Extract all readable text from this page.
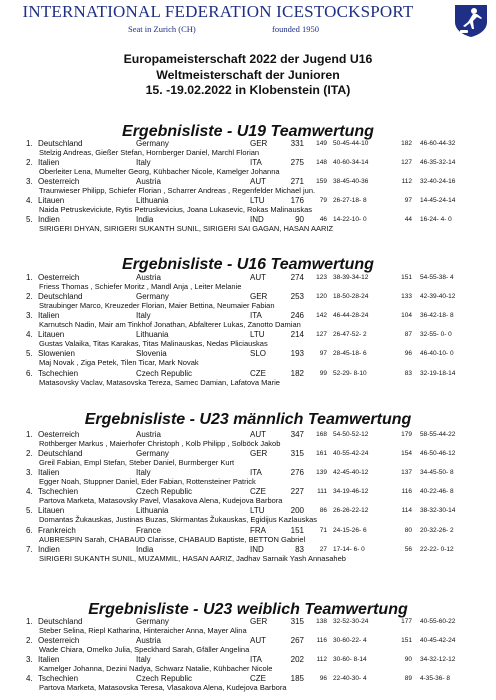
INTERNATIONAL FEDERATION ICESTOCKSPORT
Seat in Zurich (CH)	founded 1950
Europameisterschaft 2022 der Jugend U16
Weltmeisterschaft der Junioren
15. -19.02.2022 in Klobenstein (ITA)
Ergebnisliste - U19 Teamwertung
1. Deutschland	Germany	GER	331	149 50-45-44-10	182 46-60-44-32
Stelzig Andreas, Gießer Stefan, Hornberger Daniel, Marchl Florian
2. Italien	Italy	ITA	275	148 40-60-34-14	127 46-35-32-14
Oberleiter Lena, Mumelter Georg, Kühbacher Nicole, Kamelger Johanna
3. Oesterreich	Austria	AUT	271	159 38-45-40-36	112 32-40-24-16
Traunwieser Philipp, Schiefer Florian , Scharrer Andreas , Regenfelder Michael jun.
4. Litauen	Lithuania	LTU	176	79 26-27-18- 8	97 14-45-24-14
Naida Petruskeviciute, Rytis Petruskevicius, Joana Lukasevic, Rokas Malinauskas
5. Indien	India	IND	90	46 14-22-10- 0	44 16-24- 4- 0
SIRIGERI DHYAN, SIRIGERI SUKANTH SUNIL, SIRIGERI SAI GAGAN, HASAN AARIZ
Ergebnisliste - U16 Teamwertung
1. Oesterreich	Austria	AUT	274	123 38-39-34-12	151 54-55-38- 4
Friess Thomas , Schiefer Moritz , Mandl Anja , Leiter Melanie
2. Deutschland	Germany	GER	253	120 18-50-28-24	133 42-39-40-12
Straubinger Marco, Kreuzeder Florian, Maier Bettina, Neumaier Fabian
3. Italien	Italy	ITA	246	142 46-44-28-24	104 36-42-18- 8
Karnutsch Nadin, Mair am Tinkhof Jonathan, Abfalterer Lukas, Zanotto Damian
4. Litauen	Lithuania	LTU	214	127 26-47-52- 2	87 32-55- 0- 0
Gustas Valaika, Titas Karakas, Titas Malinauskas, Nedas Pliciauskas
5. Slowenien	Slovenia	SLO	193	97 28-45-18- 6	96 46-40-10- 0
Maj Novak , Ziga Petek, Tilen Ticar, Mark Novak
6. Tschechien	Czech Republic	CZE	182	99 52-29- 8-10	83 32-19-18-14
Matasovsky Vaclav, Matasovska Tereza, Samec Damian, Lafatova Marie
Ergebnisliste - U23 männlich Teamwertung
1. Oesterreich	Austria	AUT	347	168 54-50-52-12	179 58-55-44-22
Rothberger Markus , Maierhofer Christoph , Kolb Philipp , Solböck Jakob
2. Deutschland	Germany	GER	315	161 40-55-42-24	154 46-50-46-12
Greil Fabian, Empl Stefan, Steber Daniel, Burmberger Kurt
3. Italien	Italy	ITA	276	139 42-45-40-12	137 34-45-50- 8
Egger Noah, Stuppner Daniel, Eder Fabian, Rottensteiner Patrick
4. Tschechien	Czech Republic	CZE	227	111 34-19-46-12	116 40-22-46- 8
Partova Marketa, Matasovsky Pavel, Vlasakova Alena, Kudejova Barbora
5. Litauen	Lithuania	LTU	200	86 26-26-22-12	114 38-32-30-14
Domantas Žukauskas, Justinas Buzas, Skirmantas Žukauskas, Egidijus Kazlauskas
6. Frankreich	France	FRA	151	71 24-15-26- 6	80 20-32-26- 2
AUBRESPIN Sarah, CHABAUD Clarisse, CHABAUD Baptiste, BETTON Gabriel
7. Indien	India	IND	83	27 17-14- 6- 0	56 22-22- 0-12
SIRIGERI SUKANTH SUNIL, MUZAMMIL, HASAN AARIZ, Jadhav Sarnaik Yash Annasaheb
Ergebnisliste - U23 weiblich Teamwertung
1. Deutschland	Germany	GER	315	138 32-52-30-24	177 40-55-60-22
Steber Selina, Riepl Katharina, Hinteraicher Anna, Mayer Alina
2. Oesterreich	Austria	AUT	267	116 30-60-22- 4	151 40-45-42-24
Wade Chiara, Omelko Julia, Speckhard Sarah, Gfäller Angelina
3. Italien	Italy	ITA	202	112 30-60- 8-14	90 34-32-12-12
Kamelger Johanna, Dezini Nadya, Schwarz Natalie, Kühbacher Nicole
4. Tschechien	Czech Republic	CZE	185	96 22-40-30- 4	89 4-35-36- 8
Partova Marketa, Matasovska Teresa, Vlasakova Alena, Kudejova Barbora
